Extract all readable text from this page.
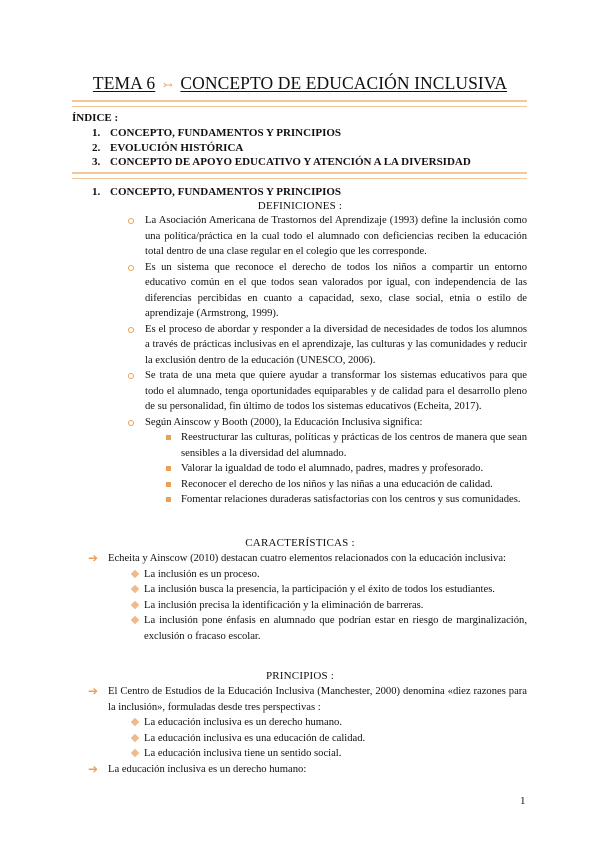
TEMA 6 ↣ CONCEPTO DE EDUCACIÓN INCLUSIVA
ÍNDICE :
1. CONCEPTO, FUNDAMENTOS Y PRINCIPIOS
2. EVOLUCIÓN HISTÓRICA
3. CONCEPTO DE APOYO EDUCATIVO Y ATENCIÓN A LA DIVERSIDAD
1. CONCEPTO, FUNDAMENTOS Y PRINCIPIOS
DEFINICIONES :
La Asociación Americana de Trastornos del Aprendizaje (1993) define la inclusión como una política/práctica en la cual todo el alumnado con deficiencias reciben la educación total dentro de una clase regular en el colegio que les corresponde.
Es un sistema que reconoce el derecho de todos los niños a compartir un entorno educativo común en el que todos sean valorados por igual, con independencia de las diferencias percibidas en cuanto a capacidad, sexo, clase social, etnia o estilo de aprendizaje (Armstrong, 1999).
Es el proceso de abordar y responder a la diversidad de necesidades de todos los alumnos a través de prácticas inclusivas en el aprendizaje, las culturas y las comunidades y reducir la exclusión dentro de la educación (UNESCO, 2006).
Se trata de una meta que quiere ayudar a transformar los sistemas educativos para que todo el alumnado, tenga oportunidades equiparables y de calidad para el desarrollo pleno de su personalidad, fin último de todos los sistemas educativos (Echeita, 2017).
Según Ainscow y Booth (2000), la Educación Inclusiva significa:
Reestructurar las culturas, políticas y prácticas de los centros de manera que sean sensibles a la diversidad del alumnado.
Valorar la igualdad de todo el alumnado, padres, madres y profesorado.
Reconocer el derecho de los niños y las niñas a una educación de calidad.
Fomentar relaciones duraderas satisfactorias con los centros y sus comunidades.
CARACTERÍSTICAS :
➔ Echeita y Ainscow (2010) destacan cuatro elementos relacionados con la educación inclusiva:
La inclusión es un proceso.
La inclusión busca la presencia, la participación y el éxito de todos los estudiantes.
La inclusión precisa la identificación y la eliminación de barreras.
La inclusión pone énfasis en alumnado que podrían estar en riesgo de marginalización, exclusión o fracaso escolar.
PRINCIPIOS :
➔ El Centro de Estudios de la Educación Inclusiva (Manchester, 2000) denomina «diez razones para la inclusión», formuladas desde tres perspectivas :
La educación inclusiva es un derecho humano.
La educación inclusiva es una educación de calidad.
La educación inclusiva tiene un sentido social.
➔ La educación inclusiva es un derecho humano:
1
